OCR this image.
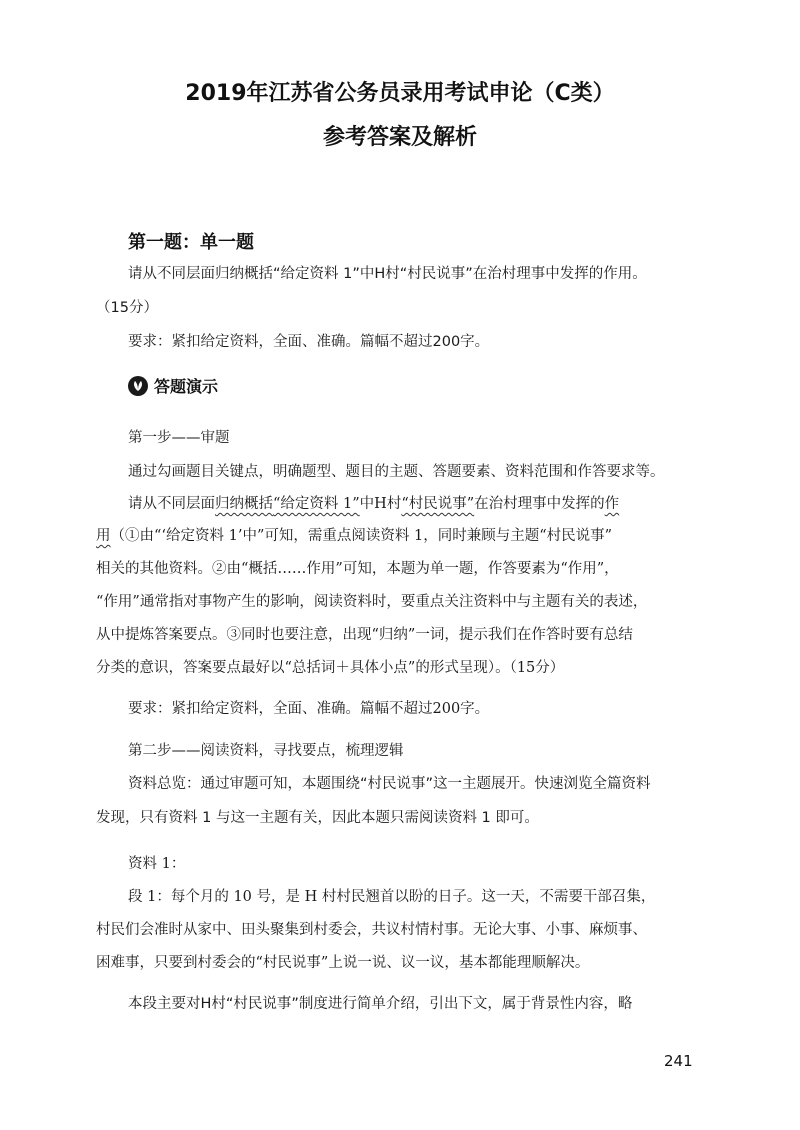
2019年江苏省公务员录用考试申论（C类）
参考答案及解析
第一题：单一题
请从不同层面归纳概括“给定资料 1”中H村“村民说事”在治村理事中发挥的作用。
（15分）
要求：紧扣给定资料，全面、准确。篇幅不超过200字。
答题演示
第一步——审题
通过勾画题目关键点，明确题型、题目的主题、答题要素、资料范围和作答要求等。
请从不同层面归纳概括“给定资料 1”中H村“村民说事”在治村理事中发挥的作
用（①由“‘给定资料 1’中”可知，需重点阅读资料 1，同时兼顾与主题“村民说事”
相关的其他资料。②由“概括……作用”可知，本题为单一题，作答要素为“作用”，
“作用”通常指对事物产生的影响，阅读资料时，要重点关注资料中与主题有关的表述，
从中提炼答案要点。③同时也要注意，出现“归纳”一词，提示我们在作答时要有总结
分类的意识，答案要点最好以“总括词＋具体小点”的形式呈现）。（15分）
要求：紧扣给定资料，全面、准确。篇幅不超过200字。
第二步——阅读资料，寻找要点，梳理逻辑
资料总览：通过审题可知，本题围绕“村民说事”这一主题展开。快速浏览全篇资料
发现，只有资料 1 与这一主题有关，因此本题只需阅读资料 1 即可。
资料 1：
段 1：每个月的 10 号，是 H 村村民翘首以盼的日子。这一天，不需要干部召集，
村民们会准时从家中、田头聚集到村委会，共议村情村事。无论大事、小事、麻烦事、
困难事，只要到村委会的“村民说事”上说一说、议一议，基本都能理顺解决。
本段主要对H村“村民说事”制度进行简单介绍，引出下文，属于背景性内容，略
241
